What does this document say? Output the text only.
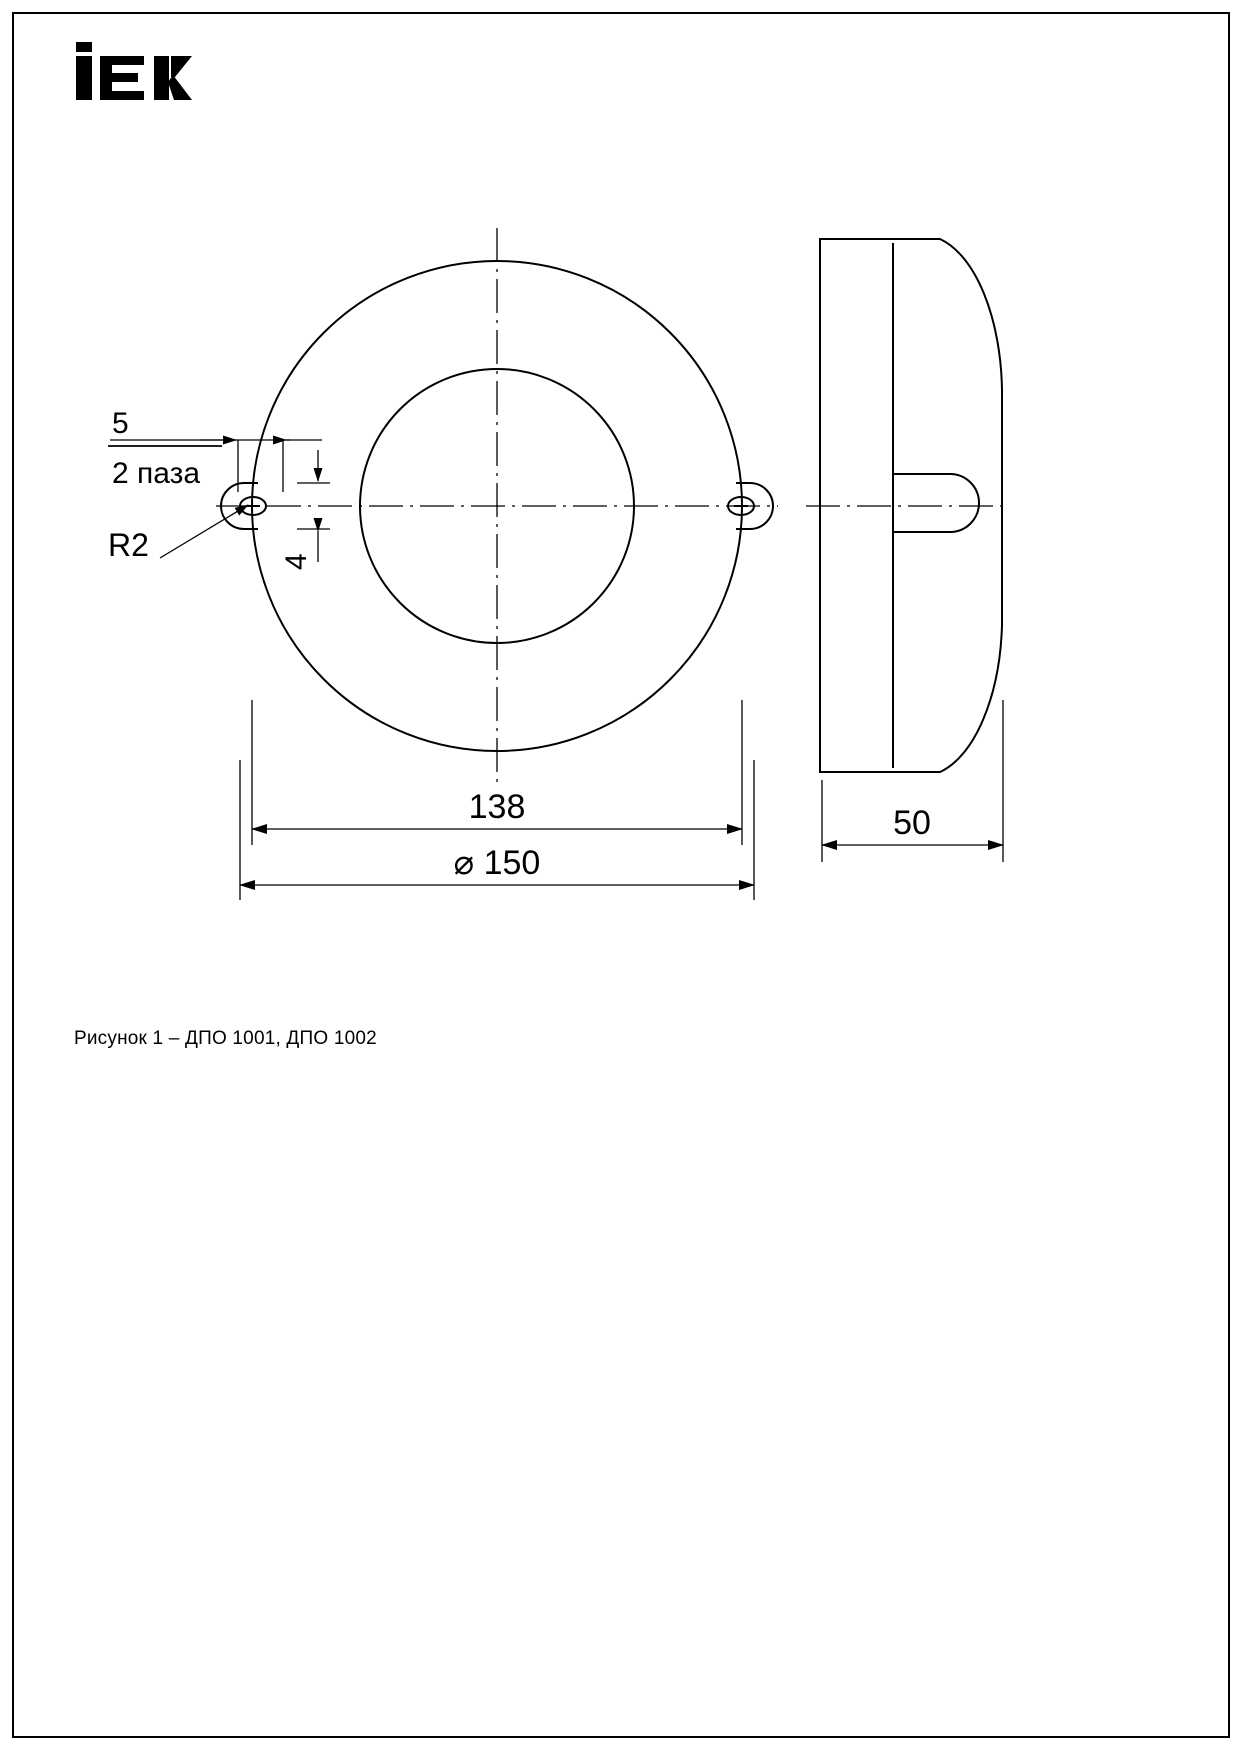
5
2 паза
R2	4
138
⌀ 150
50
Рисунок 1 – ДПО 1001, ДПО 1002
